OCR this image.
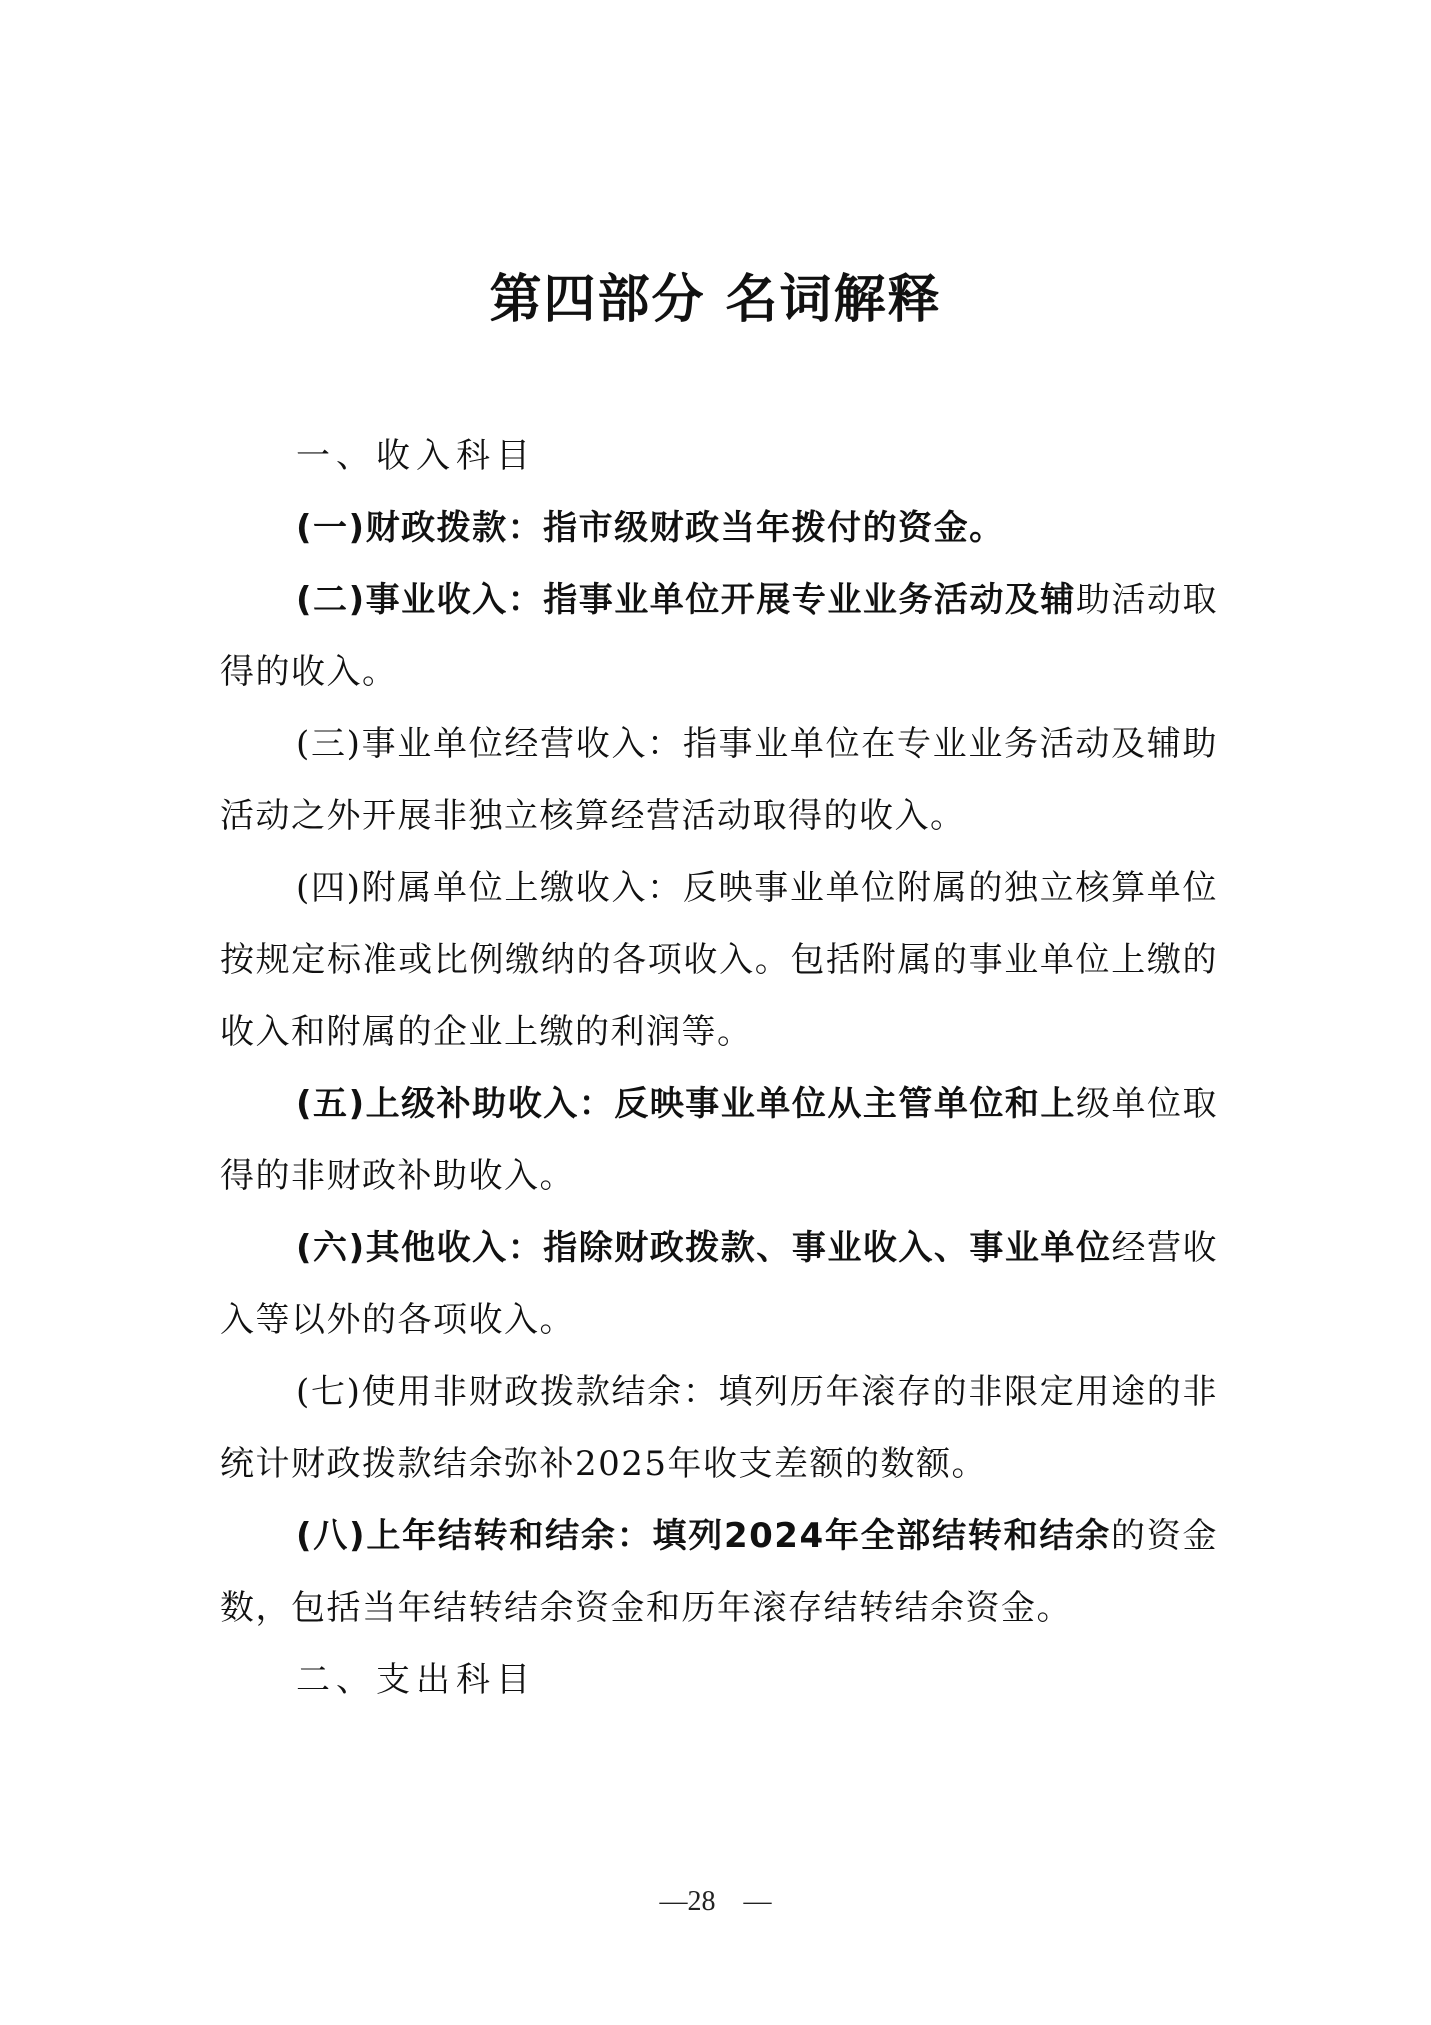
第四部分 名词解释

一、收入科目

(一)财政拨款：指市级财政当年拨付的资金。

(二)事业收入：指事业单位开展专业业务活动及辅助活动取得的收入。

(三)事业单位经营收入：指事业单位在专业业务活动及辅助活动之外开展非独立核算经营活动取得的收入。

(四)附属单位上缴收入：反映事业单位附属的独立核算单位按规定标准或比例缴纳的各项收入。包括附属的事业单位上缴的收入和附属的企业上缴的利润等。

(五)上级补助收入：反映事业单位从主管单位和上级单位取得的非财政补助收入。

(六)其他收入：指除财政拨款、事业收入、事业单位经营收入等以外的各项收入。

(七)使用非财政拨款结余：填列历年滚存的非限定用途的非统计财政拨款结余弥补2025年收支差额的数额。

(八)上年结转和结余：填列2024年全部结转和结余的资金数，包括当年结转结余资金和历年滚存结转结余资金。

二、支出科目

—28　—
